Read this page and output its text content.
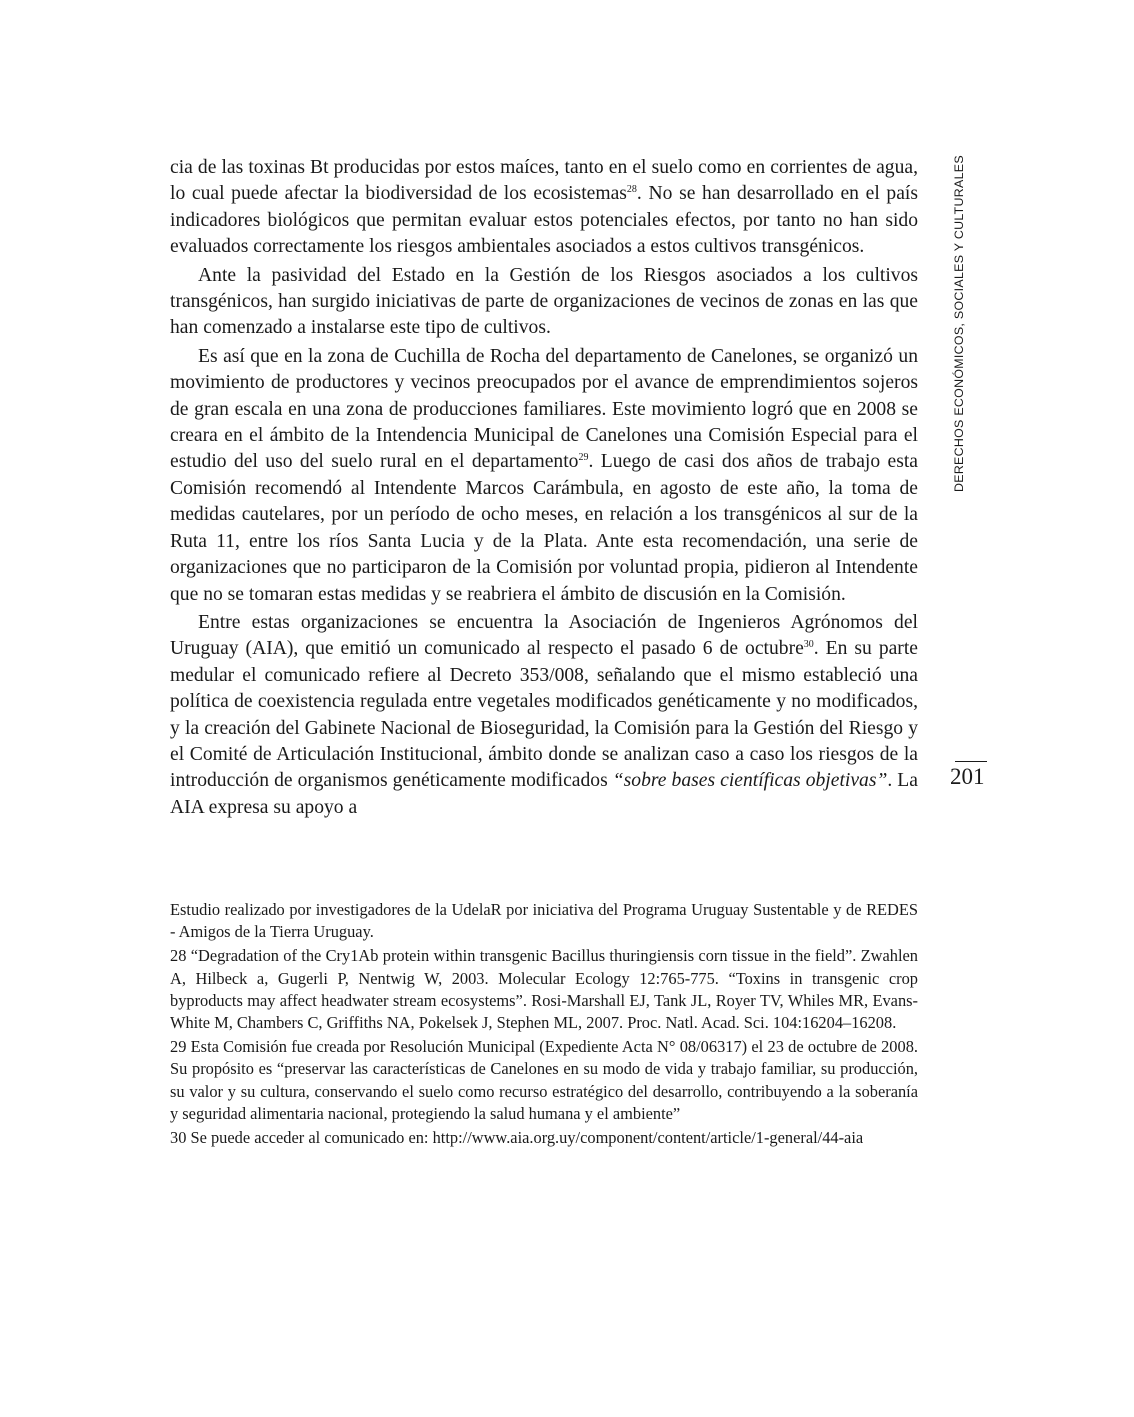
cia de las toxinas Bt producidas por estos maíces, tanto en el suelo como en corrientes de agua, lo cual puede afectar la biodiversidad de los ecosistemas$^{28}$. No se han desarrollado en el país indicadores biológicos que permitan evaluar estos potenciales efectos, por tanto no han sido evaluados correctamente los riesgos ambientales asociados a estos cultivos transgénicos.

Ante la pasividad del Estado en la Gestión de los Riesgos asociados a los cultivos transgénicos, han surgido iniciativas de parte de organizaciones de vecinos de zonas en las que han comenzado a instalarse este tipo de cultivos.

Es así que en la zona de Cuchilla de Rocha del departamento de Canelones, se organizó un movimiento de productores y vecinos preocupados por el avance de emprendimientos sojeros de gran escala en una zona de producciones familiares. Este movimiento logró que en 2008 se creara en el ámbito de la Intendencia Municipal de Canelones una Comisión Especial para el estudio del uso del suelo rural en el departamento$^{29}$. Luego de casi dos años de trabajo esta Comisión recomendó al Intendente Marcos Carámbula, en agosto de este año, la toma de medidas cautelares, por un período de ocho meses, en relación a los transgénicos al sur de la Ruta 11, entre los ríos Santa Lucia y de la Plata. Ante esta recomendación, una serie de organizaciones que no participaron de la Comisión por voluntad propia, pidieron al Intendente que no se tomaran estas medidas y se reabriera el ámbito de discusión en la Comisión.

Entre estas organizaciones se encuentra la Asociación de Ingenieros Agrónomos del Uruguay (AIA), que emitió un comunicado al respecto el pasado 6 de octubre$^{30}$. En su parte medular el comunicado refiere al Decreto 353/008, señalando que el mismo estableció una política de coexistencia regulada entre vegetales modificados genéticamente y no modificados, y la creación del Gabinete Nacional de Bioseguridad, la Comisión para la Gestión del Riesgo y el Comité de Articulación Institucional, ámbito donde se analizan caso a caso los riesgos de la introducción de organismos genéticamente modificados “sobre bases científicas objetivas”. La AIA expresa su apoyo a

Estudio realizado por investigadores de la UdelaR por iniciativa del Programa Uruguay Sustentable y de REDES - Amigos de la Tierra Uruguay.

28 “Degradation of the Cry1Ab protein within transgenic Bacillus thuringiensis corn tissue in the field”. Zwahlen A, Hilbeck a, Gugerli P, Nentwig W, 2003. Molecular Ecology 12:765-775. “Toxins in transgenic crop byproducts may affect headwater stream ecosystems”. Rosi-Marshall EJ, Tank JL, Royer TV, Whiles MR, Evans-White M, Chambers C, Griffiths NA, Pokelsek J, Stephen ML, 2007. Proc. Natl. Acad. Sci. 104:16204–16208.

29 Esta Comisión fue creada por Resolución Municipal (Expediente Acta N° 08/06317) el 23 de octubre de 2008. Su propósito es “preservar las características de Canelones en su modo de vida y trabajo familiar, su producción, su valor y su cultura, conservando el suelo como recurso estratégico del desarrollo, contribuyendo a la soberanía y seguridad alimentaria nacional, protegiendo la salud humana y el ambiente”

30 Se puede acceder al comunicado en: http://www.aia.org.uy/component/content/article/1-general/44-aia

DERECHOS ECONÓMICOS, SOCIALES Y CULTURALES
201
